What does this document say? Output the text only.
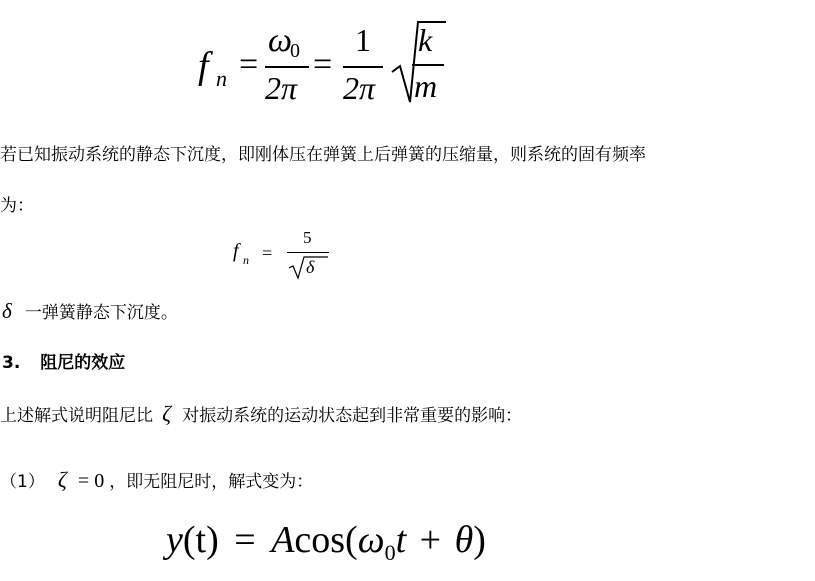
f n =
ω
0
2π
=
1
2π
k
m
若已知振动系统的静态下沉度，即刚体压在弹簧上后弹簧的压缩量，则系统的固有频率
为：
f n =
5
δ
δ 一弹簧静态下沉度。
3. 阻尼的效应
上述解式说明阻尼比 ζ 对振动系统的运动状态起到非常重要的影响：
（1） ζ = 0 ，即无阻尼时，解式变为：
$y(t) = Acos(\omega_0t + \theta)$
